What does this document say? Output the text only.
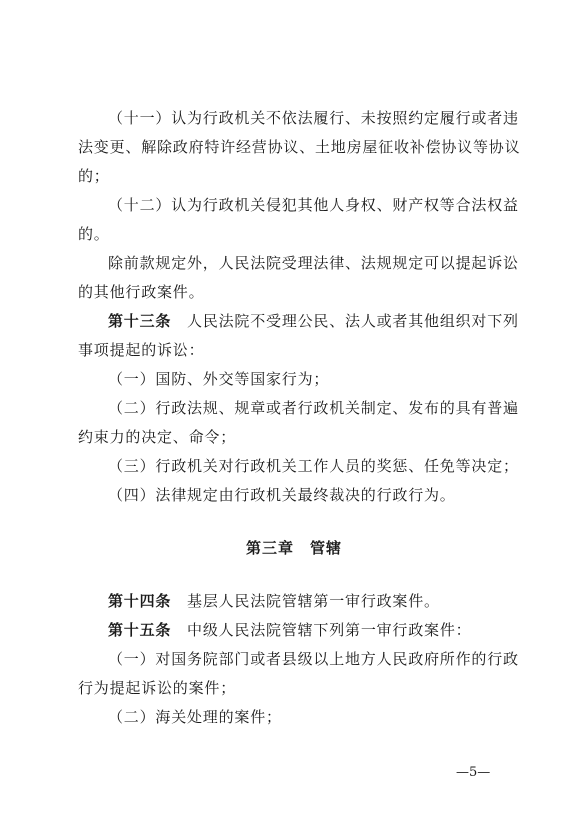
（十一）认为行政机关不依法履行、未按照约定履行或者违
法变更、解除政府特许经营协议、土地房屋征收补偿协议等协议
的；
（十二）认为行政机关侵犯其他人身权、财产权等合法权益
的。
除前款规定外，人民法院受理法律、法规规定可以提起诉讼
的其他行政案件。
第十三条　 人民法院不受理公民、法人或者其他组织对下列
事项提起的诉讼：
（一）国防、外交等国家行为；
（二）行政法规、规章或者行政机关制定、发布的具有普遍
约束力的决定、命令；
（三）行政机关对行政机关工作人员的奖惩、任免等决定；
（四）法律规定由行政机关最终裁决的行政行为。
第三章　管辖
第十四条　 基层人民法院管辖第一审行政案件。
第十五条　 中级人民法院管辖下列第一审行政案件：
（一）对国务院部门或者县级以上地方人民政府所作的行政
行为提起诉讼的案件；
（二）海关处理的案件；
—5—
